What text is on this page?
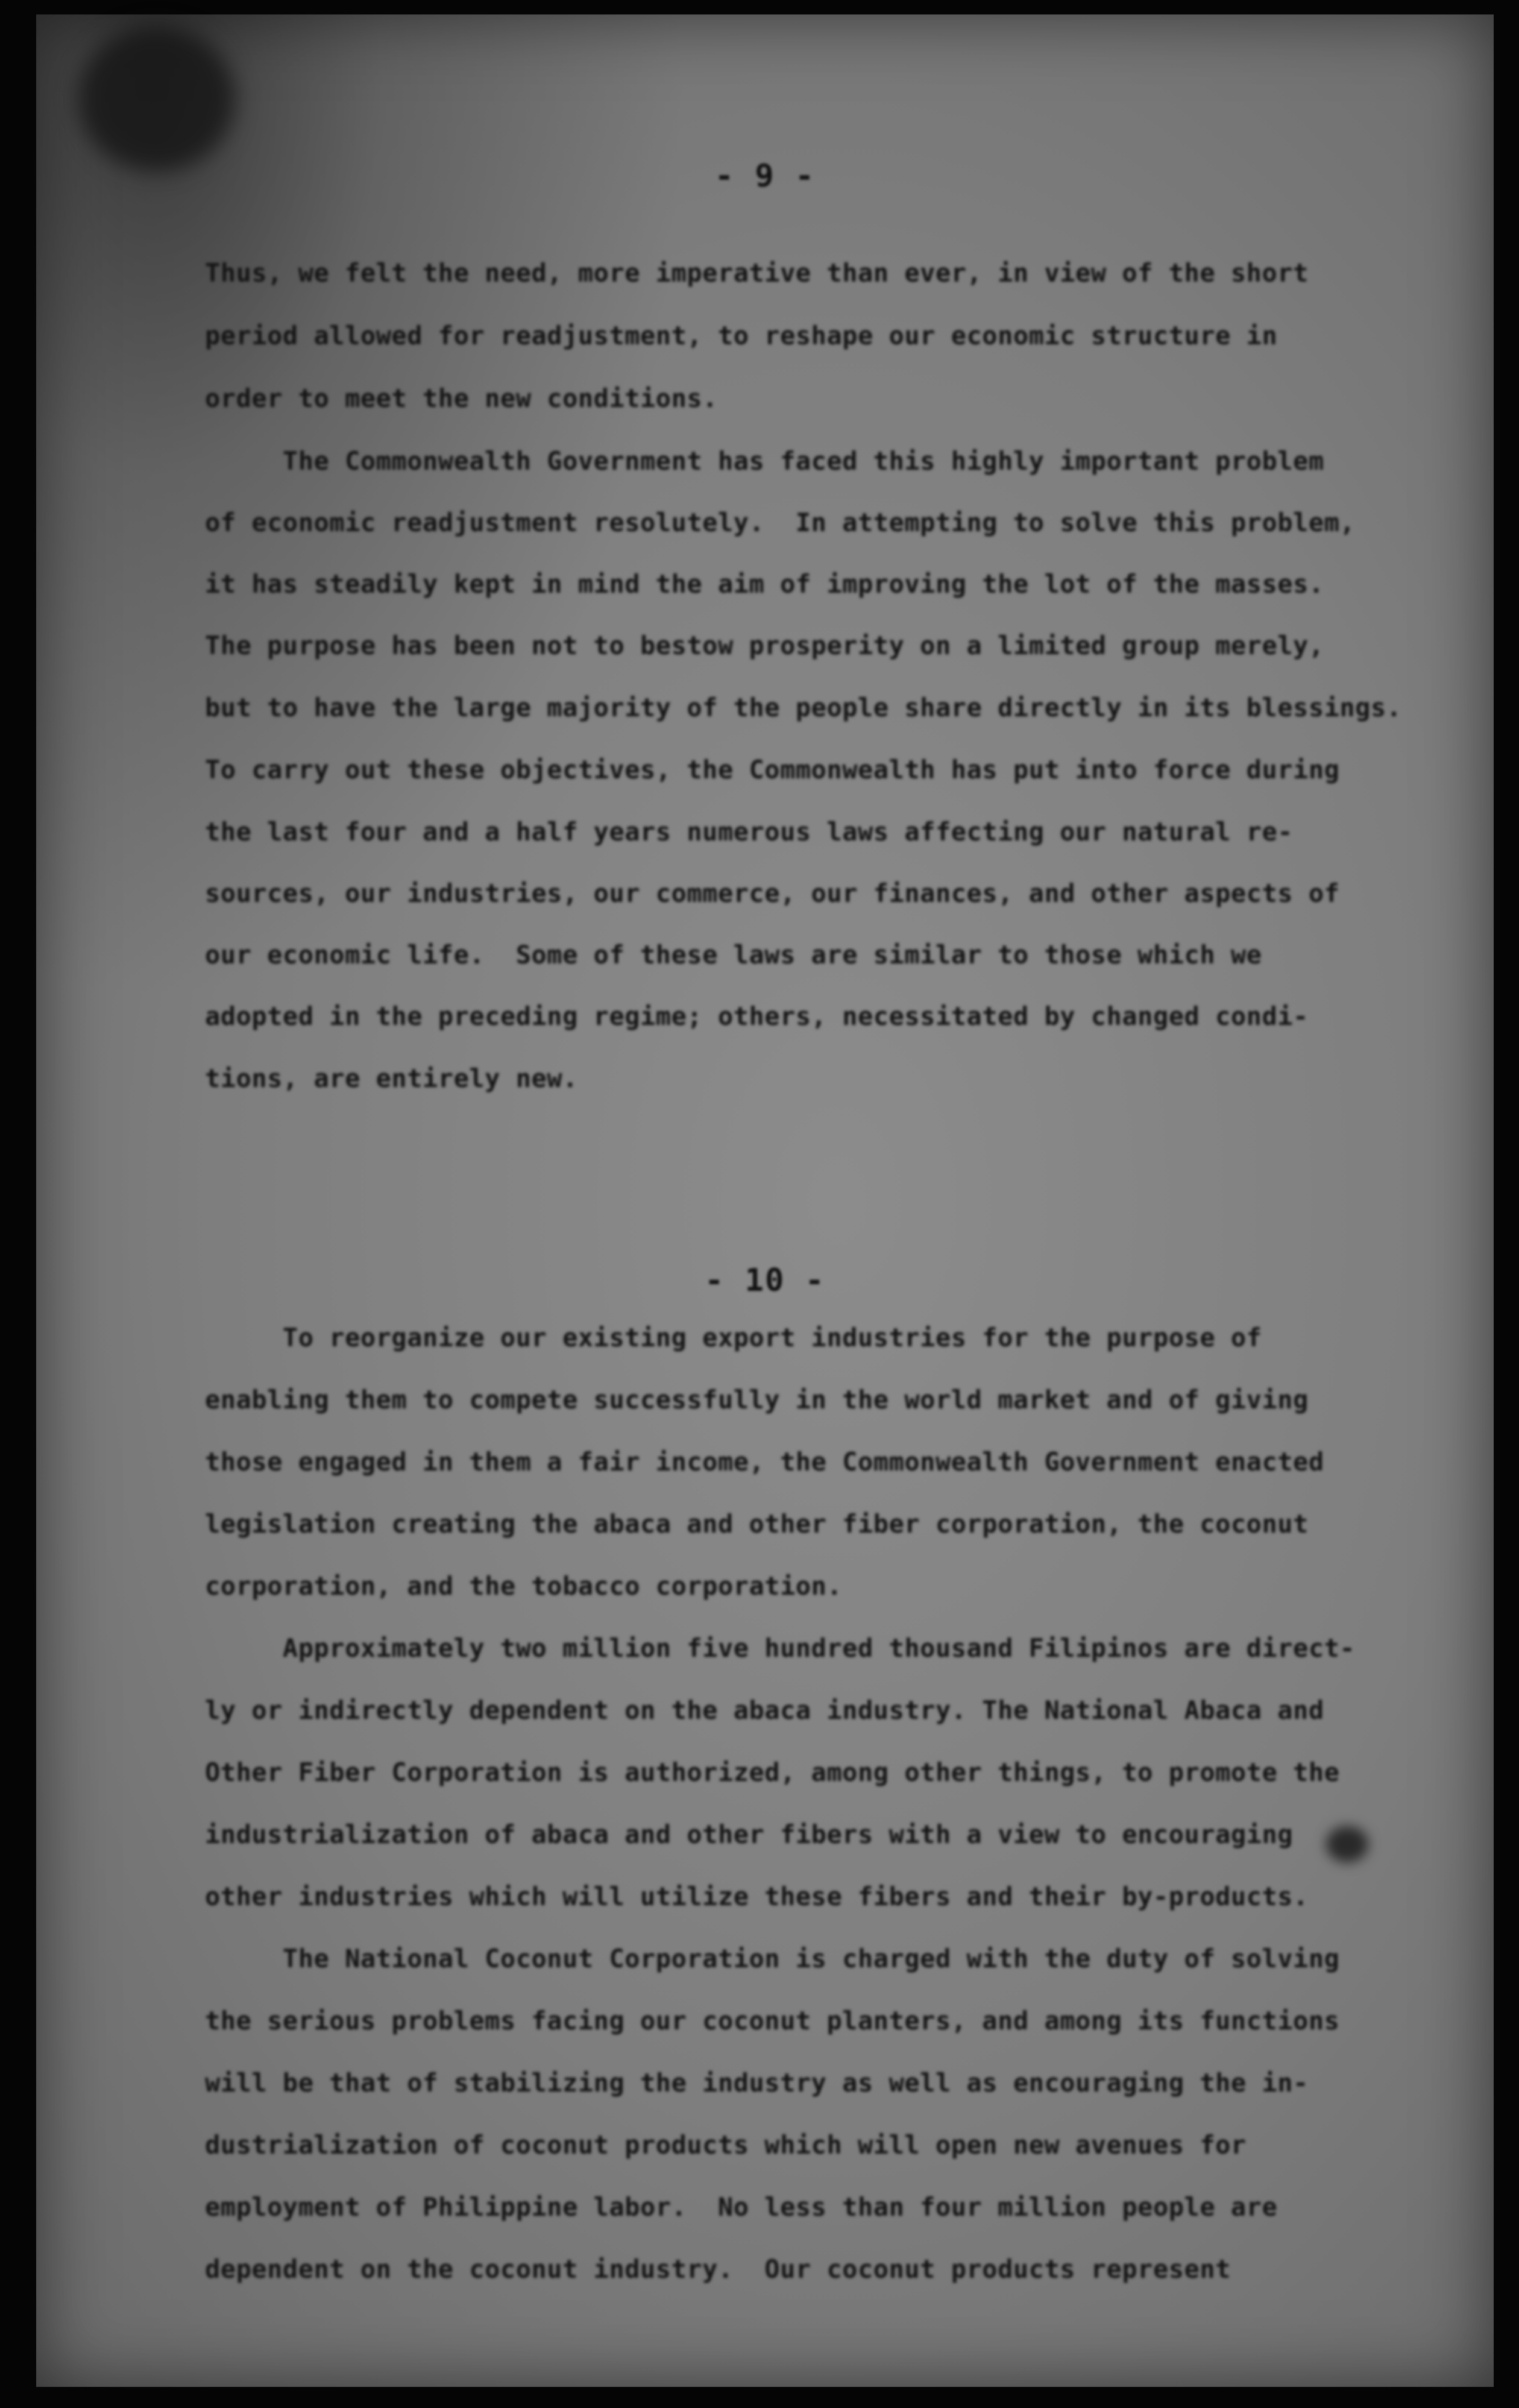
- 9 -
Thus, we felt the need, more imperative than ever, in view of the short
period allowed for readjustment, to reshape our economic structure in
order to meet the new conditions.
The Commonwealth Government has faced this highly important problem
of economic readjustment resolutely.  In attempting to solve this problem,
it has steadily kept in mind the aim of improving the lot of the masses.
The purpose has been not to bestow prosperity on a limited group merely,
but to have the large majority of the people share directly in its blessings.
To carry out these objectives, the Commonwealth has put into force during
the last four and a half years numerous laws affecting our natural re-
sources, our industries, our commerce, our finances, and other aspects of
our economic life.  Some of these laws are similar to those which we
adopted in the preceding regime; others, necessitated by changed condi-
tions, are entirely new.
- 10 -
To reorganize our existing export industries for the purpose of
enabling them to compete successfully in the world market and of giving
those engaged in them a fair income, the Commonwealth Government enacted
legislation creating the abaca and other fiber corporation, the coconut
corporation, and the tobacco corporation.
Approximately two million five hundred thousand Filipinos are direct-
ly or indirectly dependent on the abaca industry. The National Abaca and
Other Fiber Corporation is authorized, among other things, to promote the
industrialization of abaca and other fibers with a view to encouraging
other industries which will utilize these fibers and their by-products.
The National Coconut Corporation is charged with the duty of solving
the serious problems facing our coconut planters, and among its functions
will be that of stabilizing the industry as well as encouraging the in-
dustrialization of coconut products which will open new avenues for
employment of Philippine labor.  No less than four million people are
dependent on the coconut industry.  Our coconut products represent
